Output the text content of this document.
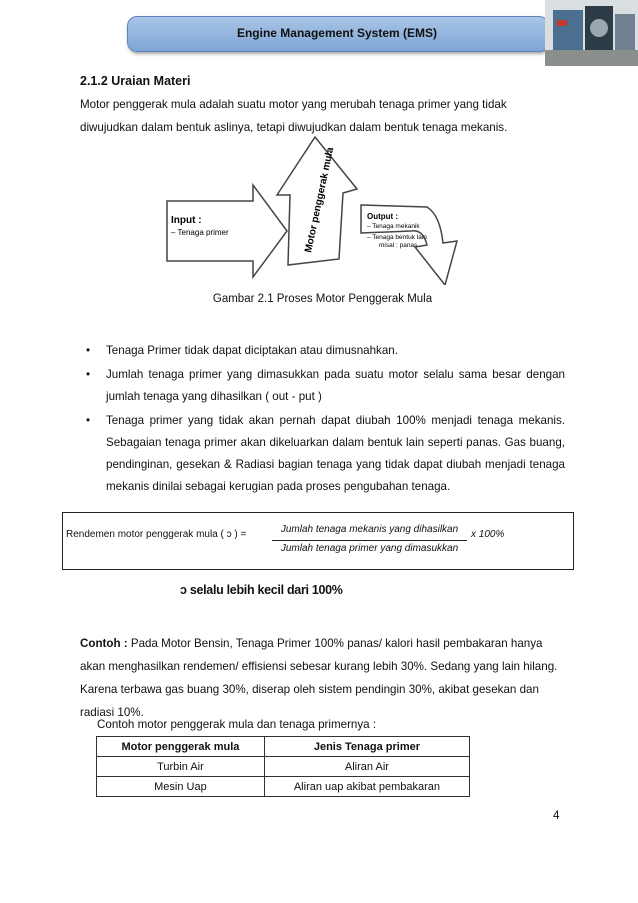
Engine Management System (EMS)
2.1.2 Uraian Materi
Motor penggerak mula adalah suatu motor yang merubah tenaga primer yang tidak
diwujudkan dalam bentuk aslinya, tetapi diwujudkan dalam bentuk tenaga mekanis.
Input :
– Tenaga primer	Motor penggerak mula	Output :
– Tenaga mekanik
– Tenaga bentuk lain
misal : panas
Gambar 2.1 Proses Motor Penggerak Mula
• Tenaga Primer tidak dapat diciptakan atau dimusnahkan.
• Jumlah tenaga primer yang dimasukkan pada suatu motor selalu sama besar dengan jumlah tenaga yang dihasilkan ( out - put )
• Tenaga primer yang tidak akan pernah dapat diubah 100% menjadi tenaga mekanis. Sebagaian tenaga primer akan dikeluarkan dalam bentuk lain seperti panas. Gas buang, pendinginan, gesekan & Radiasi bagian tenaga yang tidak dapat diubah menjadi tenaga mekanis dinilai sebagai kerugian pada proses pengubahan tenaga.
Rendemen motor penggerak mula ( ɔ ) =	Jumlah tenaga mekanis yang dihasilkan
Jumlah tenaga primer yang dimasukkan
x 100%
ɔ selalu lebih kecil dari 100%
Contoh : Pada Motor Bensin, Tenaga Primer 100% panas/ kalori hasil pembakaran hanya akan menghasilkan rendemen/ effisiensi sebesar kurang lebih 30%. Sedang yang lain hilang. Karena terbawa gas buang 30%, diserap oleh sistem pendingin 30%, akibat gesekan dan radiasi 10%.
Contoh motor penggerak mula dan tenaga primernya :
Motor penggerak mula	Jenis Tenaga primer
Turbin Air	Aliran Air
Mesin Uap	Aliran uap akibat pembakaran
4
